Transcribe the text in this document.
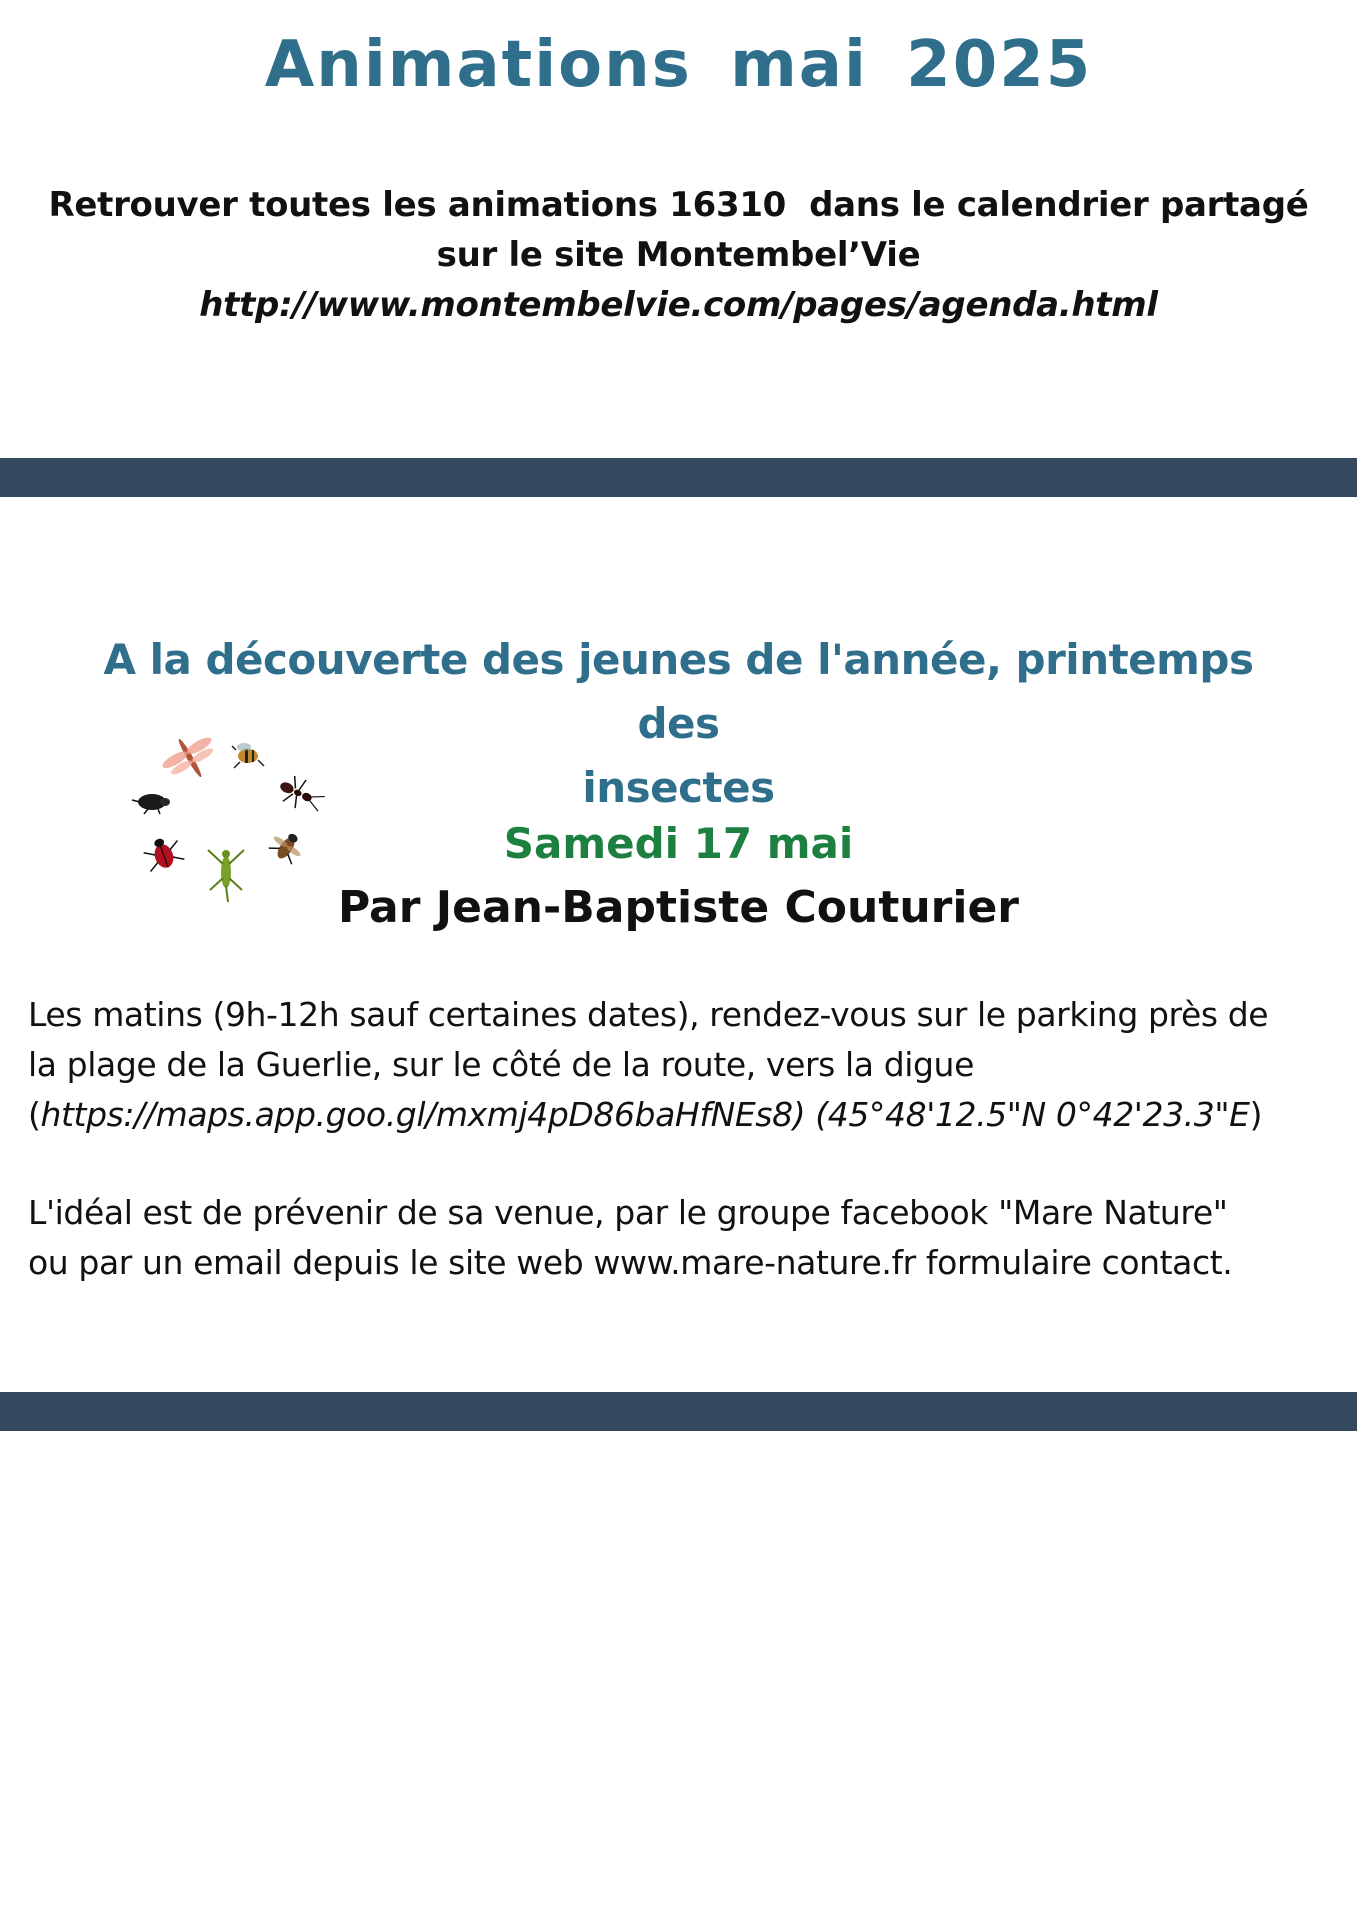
Animations mai 2025
Retrouver toutes les animations 16310  dans le calendrier partagé
sur le site Montembel’Vie
http://www.montembelvie.com/pages/agenda.html
A la découverte des jeunes de l'année, printemps des
insectes
Samedi 17 mai
Par Jean-Baptiste Couturier
Les matins (9h-12h sauf certaines dates), rendez-vous sur le parking près de
la plage de la Guerlie, sur le côté de la route, vers la digue
(https://maps.app.goo.gl/mxmj4pD86baHfNEs8) (45°48'12.5"N 0°42'23.3"E)
L'idéal est de prévenir de sa venue, par le groupe facebook "Mare Nature"
ou par un email depuis le site web www.mare-nature.fr formulaire contact.
